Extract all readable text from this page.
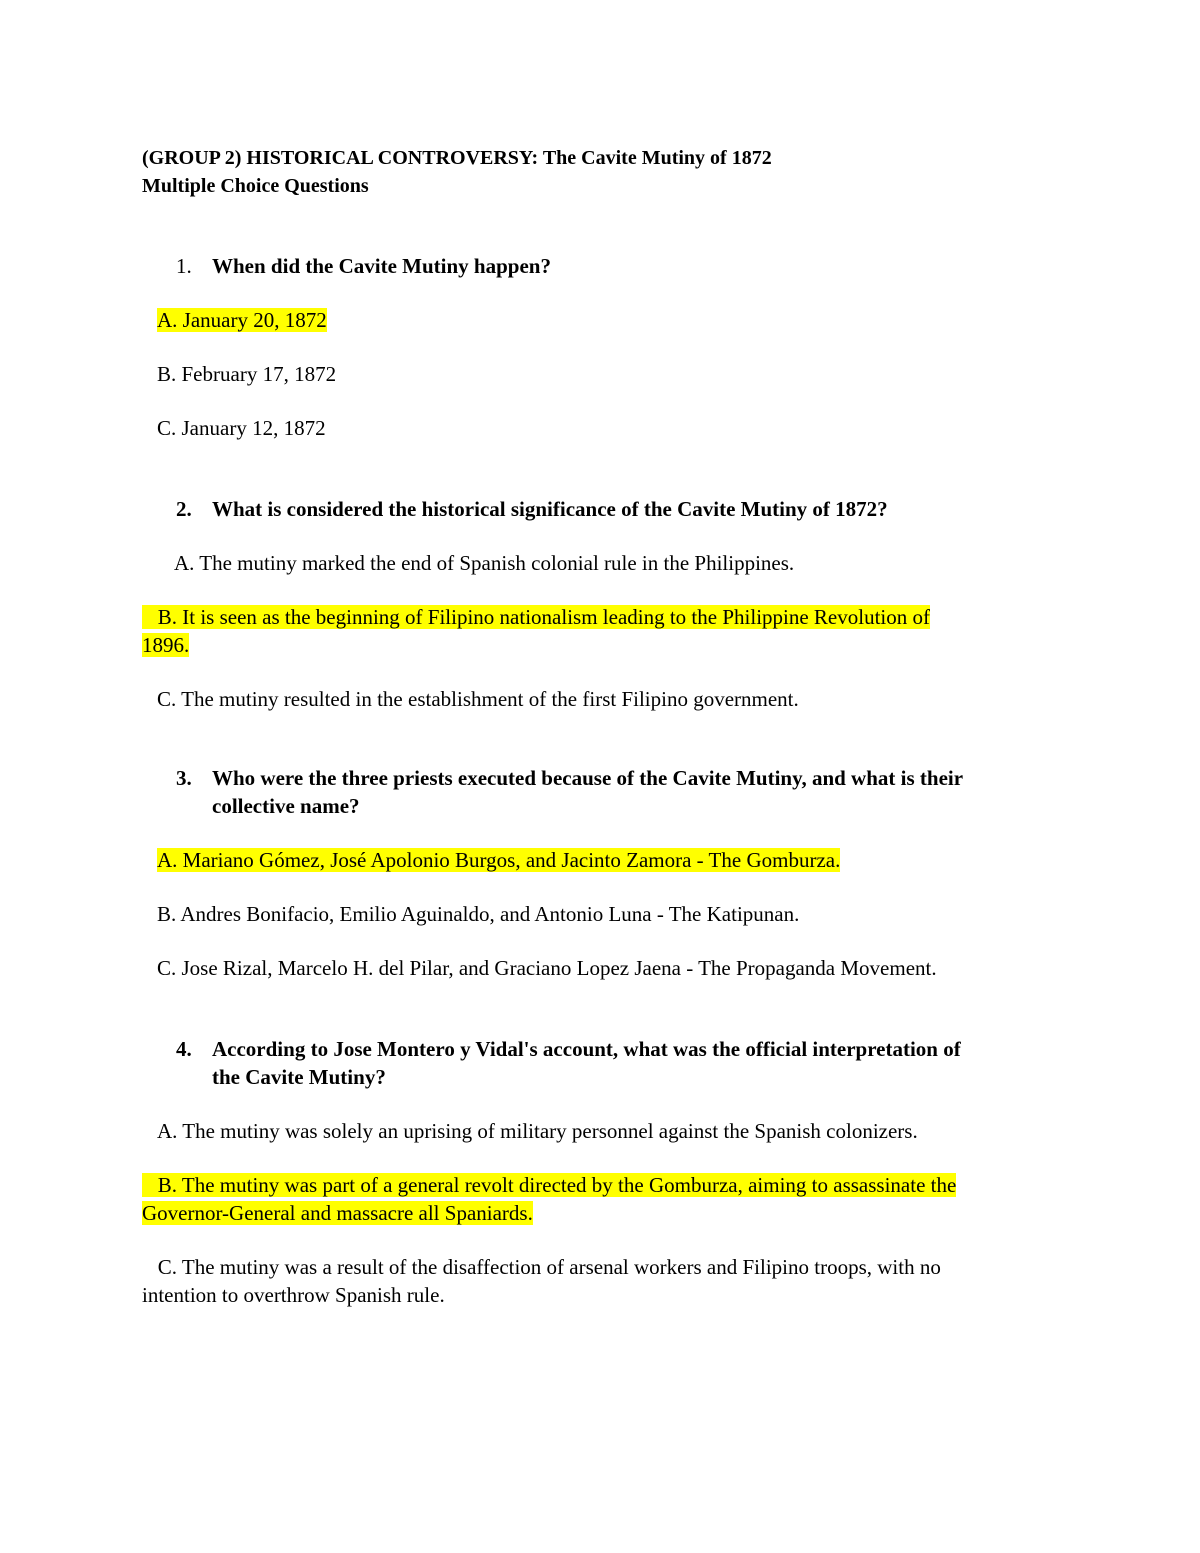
(GROUP 2) HISTORICAL CONTROVERSY: The Cavite Mutiny of 1872
Multiple Choice Questions
1. When did the Cavite Mutiny happen?
A. January 20, 1872
B. February 17, 1872
C. January 12, 1872
2. What is considered the historical significance of the Cavite Mutiny of 1872?
A. The mutiny marked the end of Spanish colonial rule in the Philippines.
B. It is seen as the beginning of Filipino nationalism leading to the Philippine Revolution of
1896.
C. The mutiny resulted in the establishment of the first Filipino government.
3. Who were the three priests executed because of the Cavite Mutiny, and what is their
collective name?
A. Mariano Gómez, José Apolonio Burgos, and Jacinto Zamora - The Gomburza.
B. Andres Bonifacio, Emilio Aguinaldo, and Antonio Luna - The Katipunan.
C. Jose Rizal, Marcelo H. del Pilar, and Graciano Lopez Jaena - The Propaganda Movement.
4. According to Jose Montero y Vidal's account, what was the official interpretation of
the Cavite Mutiny?
A. The mutiny was solely an uprising of military personnel against the Spanish colonizers.
B. The mutiny was part of a general revolt directed by the Gomburza, aiming to assassinate the
Governor-General and massacre all Spaniards.
C. The mutiny was a result of the disaffection of arsenal workers and Filipino troops, with no
intention to overthrow Spanish rule.
